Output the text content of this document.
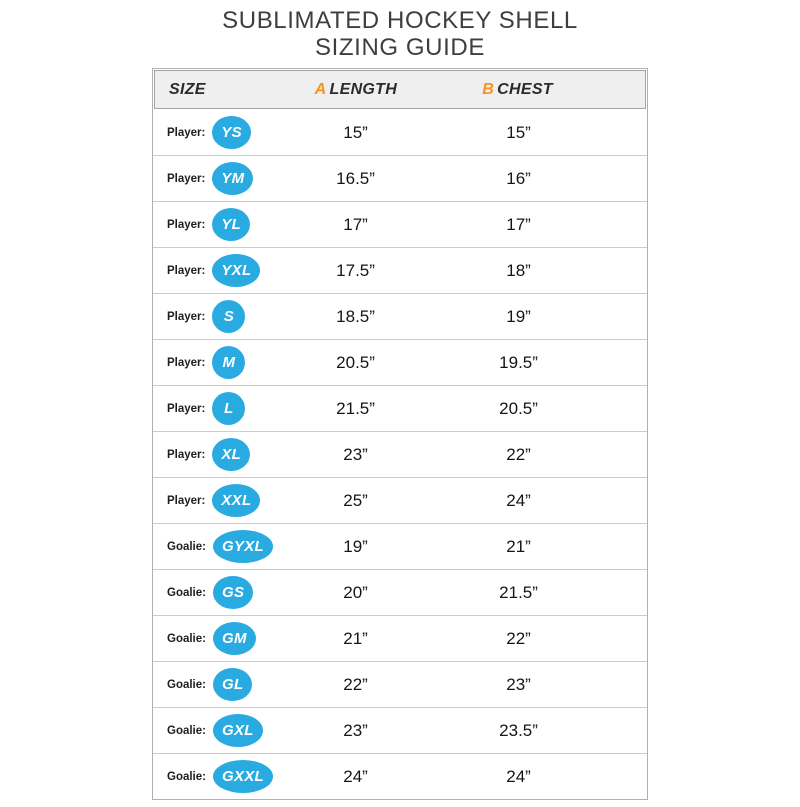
SUBLIMATED HOCKEY SHELL
SIZING GUIDE
SIZE	A LENGTH	B CHEST
Player:	YS	15”	15”
Player:	YM	16.5”	16”
Player:	YL	17”	17”
Player:	YXL	17.5”	18”
Player:	S	18.5”	19”
Player:	M	20.5”	19.5”
Player:	L	21.5”	20.5”
Player:	XL	23”	22”
Player:	XXL	25”	24”
Goalie:	GYXL	19”	21”
Goalie:	GS	20”	21.5”
Goalie:	GM	21”	22”
Goalie:	GL	22”	23”
Goalie:	GXL	23”	23.5”
Goalie:	GXXL	24”	24”
